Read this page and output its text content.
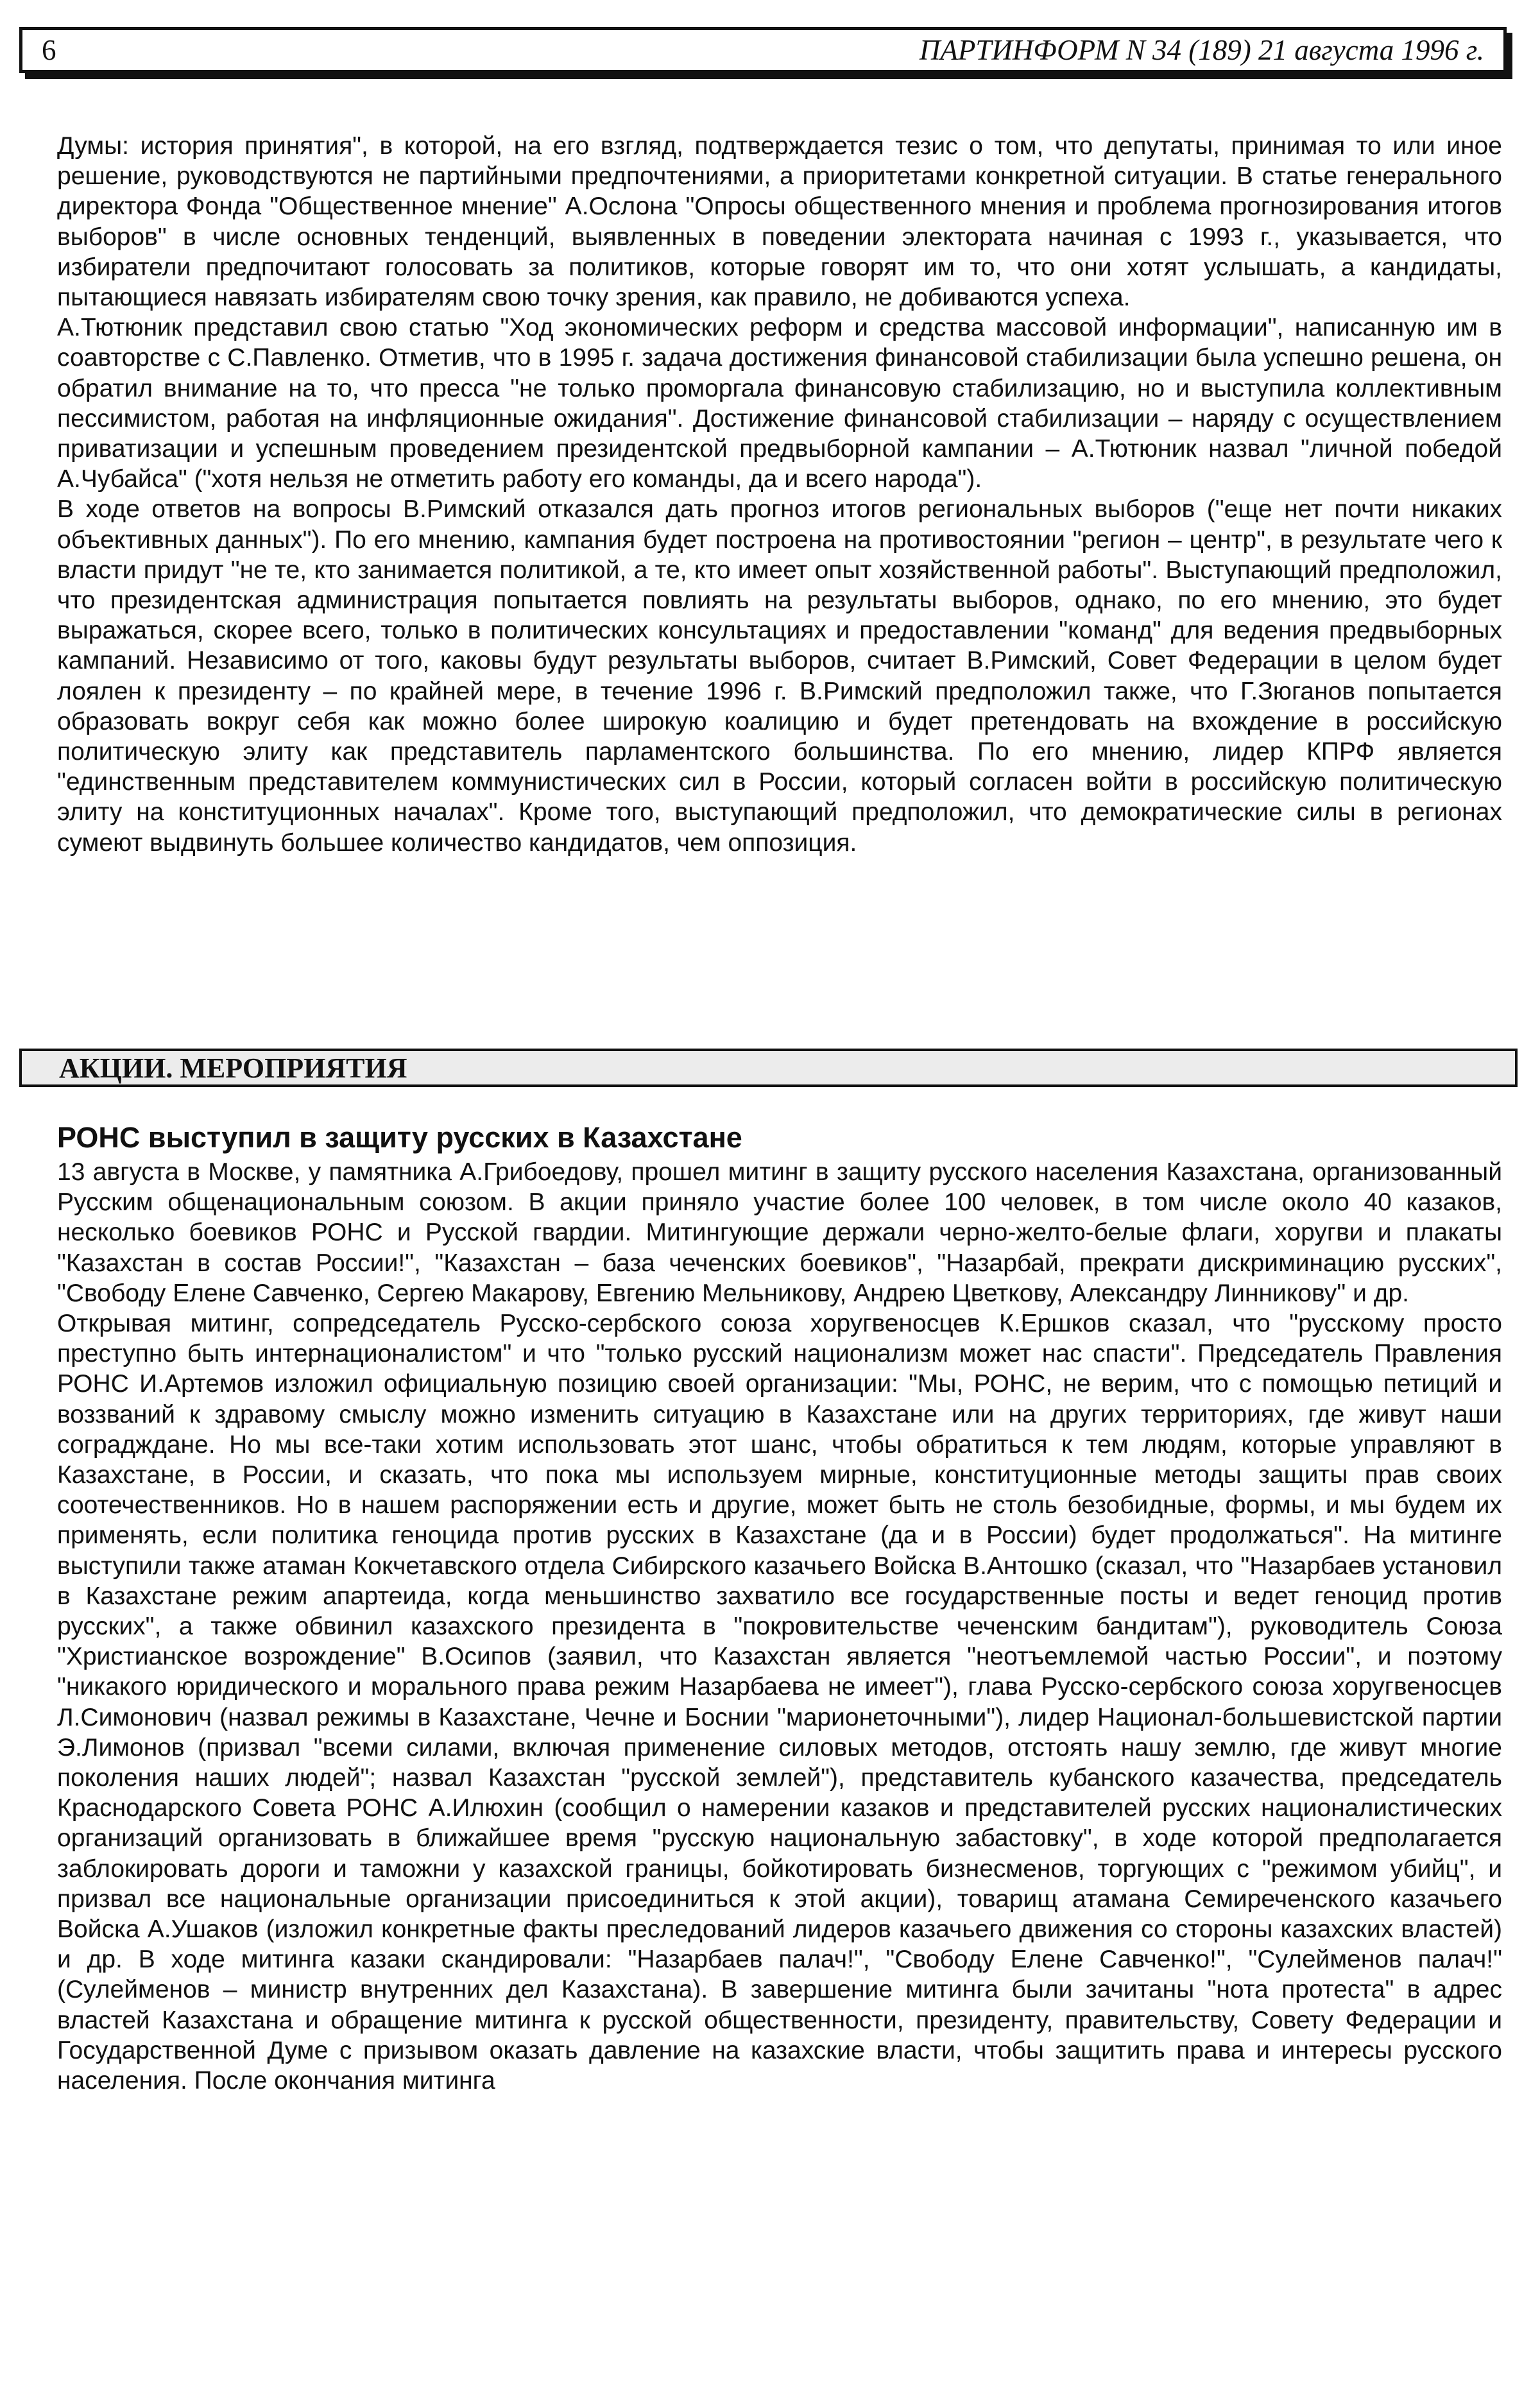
6	ПАРТИНФОРМ N 34 (189) 21 августа 1996 г.

Думы: история принятия", в которой, на его взгляд, подтверждается тезис о том, что депутаты, принимая то или иное решение, руководствуются не партийными предпочтениями, а приоритетами конкретной ситуации. В статье генерального директора Фонда "Общественное мнение" А.Ослона "Опросы общественного мнения и проблема прогнозирования итогов выборов" в числе основных тенденций, выявленных в поведении электората начиная с 1993 г., указывается, что избиратели предпочитают голосовать за политиков, которые говорят им то, что они хотят услышать, а кандидаты, пытающиеся навязать избирателям свою точку зрения, как правило, не добиваются успеха.

А.Тютюник представил свою статью "Ход экономических реформ и средства массовой информации", написанную им в соавторстве с С.Павленко. Отметив, что в 1995 г. задача достижения финансовой стабилизации была успешно решена, он обратил внимание на то, что пресса "не только проморгала финансовую стабилизацию, но и выступила коллективным пессимистом, работая на инфляционные ожидания". Достижение финансовой стабилизации – наряду с осуществлением приватизации и успешным проведением президентской предвыборной кампании – А.Тютюник назвал "личной победой А.Чубайса" ("хотя нельзя не отметить работу его команды, да и всего народа").

В ходе ответов на вопросы В.Римский отказался дать прогноз итогов региональных выборов ("еще нет почти никаких объективных данных"). По его мнению, кампания будет построена на противостоянии "регион – центр", в результате чего к власти придут "не те, кто занимается политикой, а те, кто имеет опыт хозяйственной работы". Выступающий предположил, что президентская администрация попытается повлиять на результаты выборов, однако, по его мнению, это будет выражаться, скорее всего, только в политических консультациях и предоставлении "команд" для ведения предвыборных кампаний. Независимо от того, каковы будут результаты выборов, считает В.Римский, Совет Федерации в целом будет лоялен к президенту – по крайней мере, в течение 1996 г. В.Римский предположил также, что Г.Зюганов попытается образовать вокруг себя как можно более широкую коалицию и будет претендовать на вхождение в российскую политическую элиту как представитель парламентского большинства. По его мнению, лидер КПРФ является "единственным представителем коммунистических сил в России, который согласен войти в российскую политическую элиту на конституционных началах". Кроме того, выступающий предположил, что демократические силы в регионах сумеют выдвинуть большее количество кандидатов, чем оппозиция.

АКЦИИ. МЕРОПРИЯТИЯ
РОНС выступил в защиту русских в Казахстане

13 августа в Москве, у памятника А.Грибоедову, прошел митинг в защиту русского населения Казахстана, организованный Русским общенациональным союзом. В акции приняло участие более 100 человек, в том числе около 40 казаков, несколько боевиков РОНС и Русской гвардии. Митингующие держали черно-желто-белые флаги, хоругви и плакаты "Казахстан в состав России!", "Казахстан – база чеченских боевиков", "Назарбай, прекрати дискриминацию русских", "Свободу Елене Савченко, Сергею Макарову, Евгению Мельникову, Андрею Цветкову, Александру Линникову" и др.

Открывая митинг, сопредседатель Русско-сербского союза хоругвеносцев К.Ершков сказал, что "русскому просто преступно быть интернационалистом" и что "только русский национализм может нас спасти". Председатель Правления РОНС И.Артемов изложил официальную позицию своей организации: "Мы, РОНС, не верим, что с помощью петиций и воззваний к здравому смыслу можно изменить ситуацию в Казахстане или на других территориях, где живут наши соградждане. Но мы все-таки хотим использовать этот шанс, чтобы обратиться к тем людям, которые управляют в Казахстане, в России, и сказать, что пока мы используем мирные, конституционные методы защиты прав своих соотечественников. Но в нашем распоряжении есть и другие, может быть не столь безобидные, формы, и мы будем их применять, если политика геноцида против русских в Казахстане (да и в России) будет продолжаться". На митинге выступили также атаман Кокчетавского отдела Сибирского казачьего Войска В.Антошко (сказал, что "Назарбаев установил в Казахстане режим апартеида, когда меньшинство захватило все государственные посты и ведет геноцид против русских", а также обвинил казахского президента в "покровительстве чеченским бандитам"), руководитель Союза "Христианское возрождение" В.Осипов (заявил, что Казахстан является "неотъемлемой частью России", и поэтому "никакого юридического и морального права режим Назарбаева не имеет"), глава Русско-сербского союза хоругвеносцев Л.Симонович (назвал режимы в Казахстане, Чечне и Боснии "марионеточными"), лидер Национал-большевистской партии Э.Лимонов (призвал "всеми силами, включая применение силовых методов, отстоять нашу землю, где живут многие поколения наших людей"; назвал Казахстан "русской землей"), представитель кубанского казачества, председатель Краснодарского Совета РОНС А.Илюхин (сообщил о намерении казаков и представителей русских националистических организаций организовать в ближайшее время "русскую национальную забастовку", в ходе которой предполагается заблокировать дороги и таможни у казахской границы, бойкотировать бизнесменов, торгующих с "режимом убийц", и призвал все национальные организации присоединиться к этой акции), товарищ атамана Семиреченского казачьего Войска А.Ушаков (изложил конкретные факты преследований лидеров казачьего движения со стороны казахских властей) и др. В ходе митинга казаки скандировали: "Назарбаев палач!", "Свободу Елене Савченко!", "Сулейменов палач!" (Сулейменов – министр внутренних дел Казахстана). В завершение митинга были зачитаны "нота протеста" в адрес властей Казахстана и обращение митинга к русской общественности, президенту, правительству, Совету Федерации и Государственной Думе с призывом оказать давление на казахские власти, чтобы защитить права и интересы русского населения. После окончания митинга
